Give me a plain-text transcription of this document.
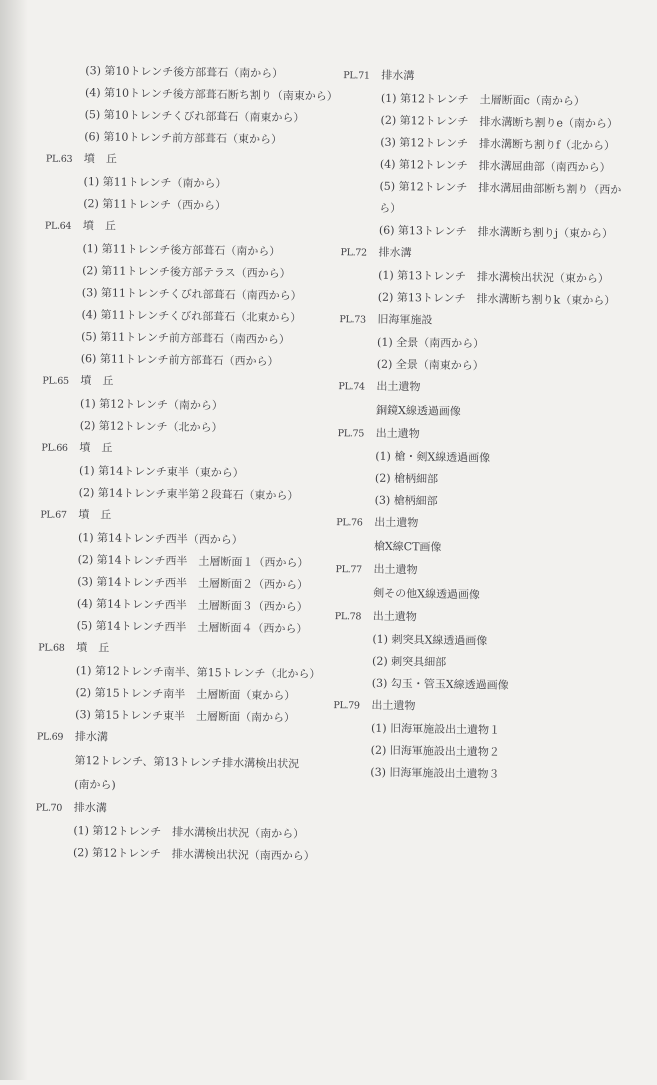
(3) 第10トレンチ後方部葺石（南から）
(4) 第10トレンチ後方部葺石断ち割り（南東から）
(5) 第10トレンチくびれ部葺石（南東から）
(6) 第10トレンチ前方部葺石（東から）
PL.63 墳　丘
(1) 第11トレンチ（南から）
(2) 第11トレンチ（西から）
PL.64 墳　丘
(1) 第11トレンチ後方部葺石（南から）
(2) 第11トレンチ後方部テラス（西から）
(3) 第11トレンチくびれ部葺石（南西から）
(4) 第11トレンチくびれ部葺石（北東から）
(5) 第11トレンチ前方部葺石（南西から）
(6) 第11トレンチ前方部葺石（西から）
PL.65 墳　丘
(1) 第12トレンチ（南から）
(2) 第12トレンチ（北から）
PL.66 墳　丘
(1) 第14トレンチ東半（東から）
(2) 第14トレンチ東半第２段葺石（東から）
PL.67 墳　丘
(1) 第14トレンチ西半（西から）
(2) 第14トレンチ西半　土層断面１（西から）
(3) 第14トレンチ西半　土層断面２（西から）
(4) 第14トレンチ西半　土層断面３（西から）
(5) 第14トレンチ西半　土層断面４（西から）
PL.68 墳　丘
(1) 第12トレンチ南半、第15トレンチ（北から）
(2) 第15トレンチ南半　土層断面（東から）
(3) 第15トレンチ東半　土層断面（南から）
PL.69 排水溝
第12トレンチ、第13トレンチ排水溝検出状況
(南から)
PL.70 排水溝
(1) 第12トレンチ　排水溝検出状況（南から）
(2) 第12トレンチ　排水溝検出状況（南西から）
PL.71 排水溝
(1) 第12トレンチ　土層断面c（南から）
(2) 第12トレンチ　排水溝断ち割りe（南から）
(3) 第12トレンチ　排水溝断ち割りf（北から）
(4) 第12トレンチ　排水溝屈曲部（南西から）
(5) 第12トレンチ　排水溝屈曲部断ち割り（西から）
(6) 第13トレンチ　排水溝断ち割りj（東から）
PL.72 排水溝
(1) 第13トレンチ　排水溝検出状況（東から）
(2) 第13トレンチ　排水溝断ち割りk（東から）
PL.73 旧海軍施設
(1) 全景（南西から）
(2) 全景（南東から）
PL.74 出土遺物
銅鏡X線透過画像
PL.75 出土遺物
(1) 槍・剣X線透過画像
(2) 槍柄細部
(3) 槍柄細部
PL.76 出土遺物
槍X線CT画像
PL.77 出土遺物
剣その他X線透過画像
PL.78 出土遺物
(1) 刺突具X線透過画像
(2) 刺突具細部
(3) 勾玉・管玉X線透過画像
PL.79 出土遺物
(1) 旧海軍施設出土遺物１
(2) 旧海軍施設出土遺物２
(3) 旧海軍施設出土遺物３
